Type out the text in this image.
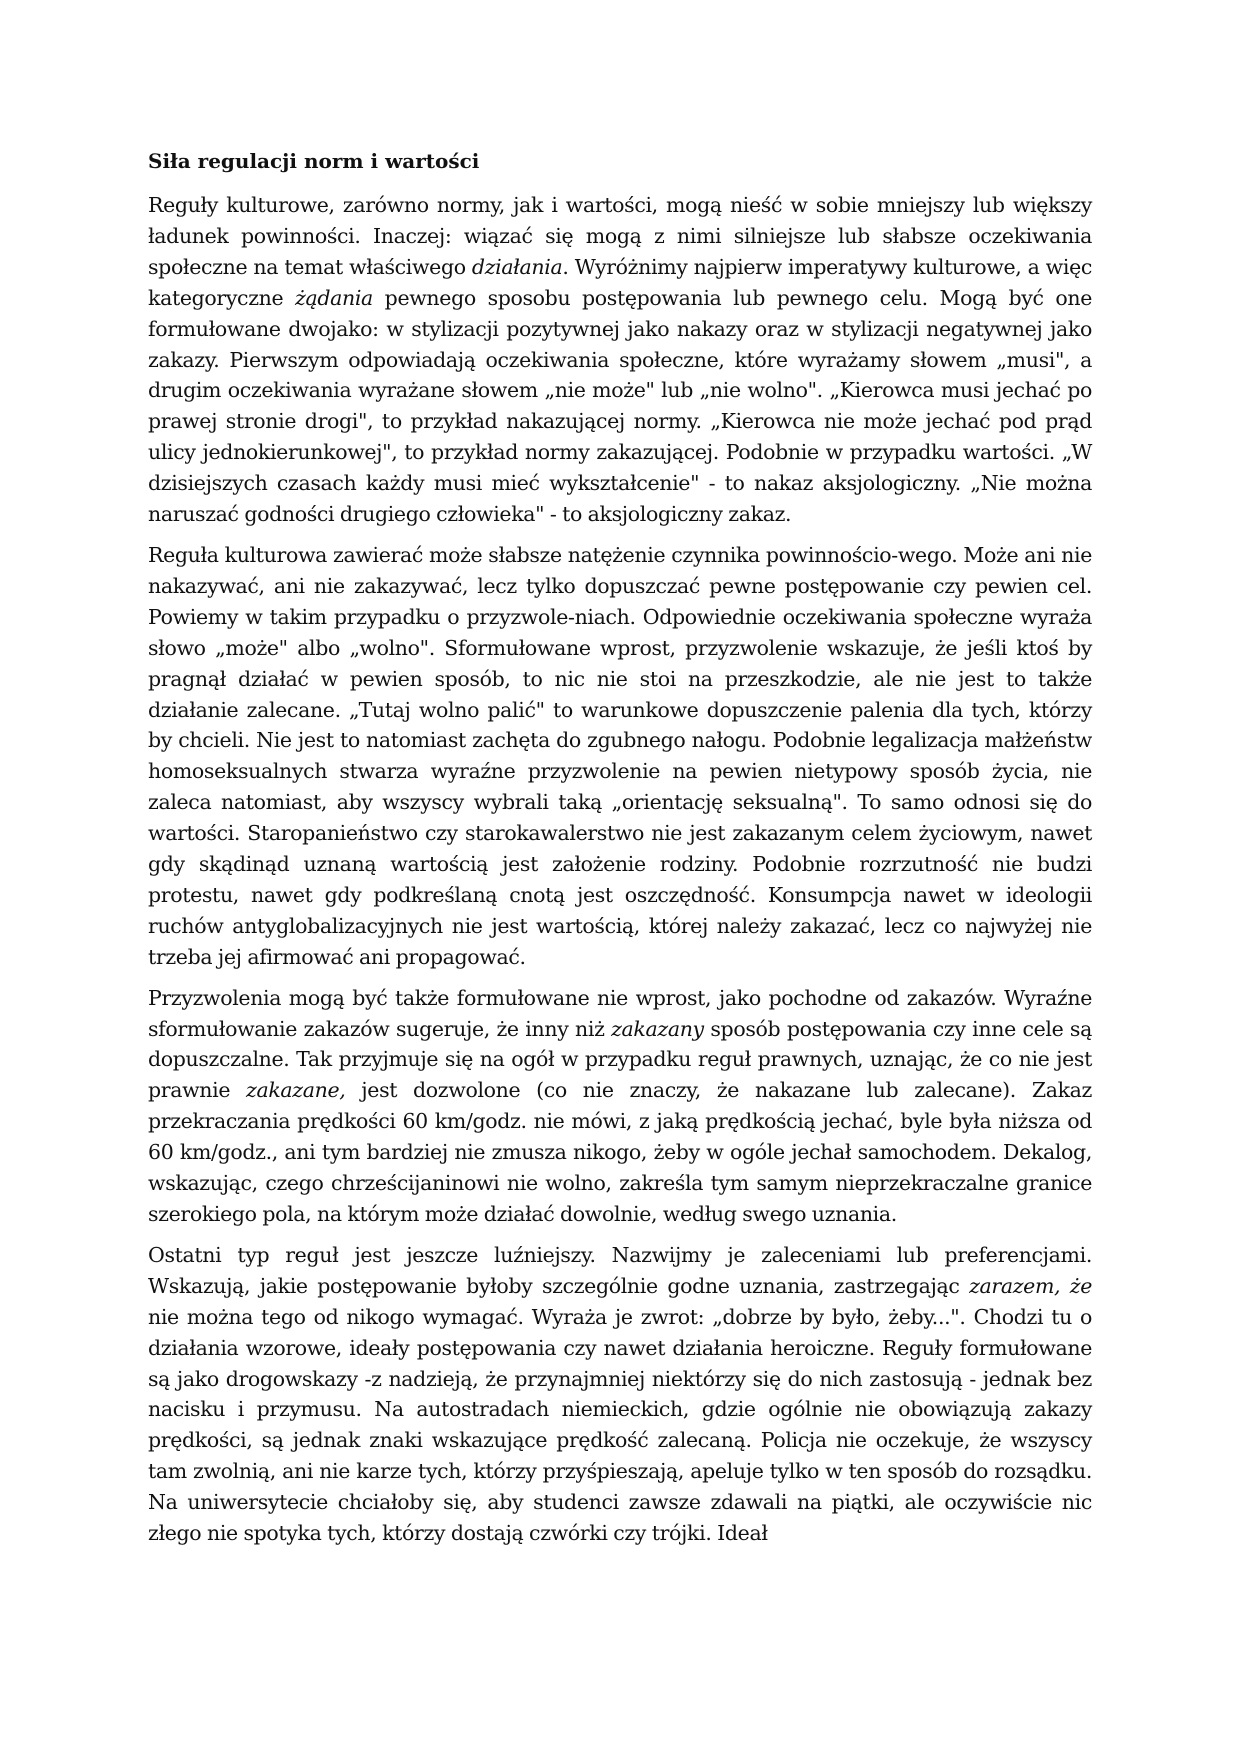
Siła regulacji norm i wartości

Reguły kulturowe, zarówno normy, jak i wartości, mogą nieść w sobie mniejszy lub większy ładunek powinności. Inaczej: wiązać się mogą z nimi silniejsze lub słabsze oczekiwania społeczne na temat właściwego działania. Wyróżnimy najpierw imperatywy kulturowe, a więc kategoryczne żądania pewnego sposobu postępowania lub pewnego celu. Mogą być one formułowane dwojako: w stylizacji pozytywnej jako nakazy oraz w stylizacji negatywnej jako zakazy. Pierwszym odpowiadają oczekiwania społeczne, które wyrażamy słowem „musi", a drugim oczekiwania wyrażane słowem „nie może" lub „nie wolno". „Kierowca musi jechać po prawej stronie drogi", to przykład nakazującej normy. „Kierowca nie może jechać pod prąd ulicy jednokierunkowej", to przykład normy zakazującej. Podobnie w przypadku wartości. „W dzisiejszych czasach każdy musi mieć wykształcenie" - to nakaz aksjologiczny. „Nie można naruszać godności drugiego człowieka" - to aksjologiczny zakaz.

Reguła kulturowa zawierać może słabsze natężenie czynnika powinnościo-wego. Może ani nie nakazywać, ani nie zakazywać, lecz tylko dopuszczać pewne postępowanie czy pewien cel. Powiemy w takim przypadku o przyzwole-niach. Odpowiednie oczekiwania społeczne wyraża słowo „może" albo „wolno". Sformułowane wprost, przyzwolenie wskazuje, że jeśli ktoś by pragnął działać w pewien sposób, to nic nie stoi na przeszkodzie, ale nie jest to także działanie zalecane. „Tutaj wolno palić" to warunkowe dopuszczenie palenia dla tych, którzy by chcieli. Nie jest to natomiast zachęta do zgubnego nałogu. Podobnie legalizacja małżeństw homoseksualnych stwarza wyraźne przyzwolenie na pewien nietypowy sposób życia, nie zaleca natomiast, aby wszyscy wybrali taką „orientację seksualną". To samo odnosi się do wartości. Staropanieństwo czy starokawalerstwo nie jest zakazanym celem życiowym, nawet gdy skądinąd uznaną wartością jest założenie rodziny. Podobnie rozrzutność nie budzi protestu, nawet gdy podkreślaną cnotą jest oszczędność. Konsumpcja nawet w ideologii ruchów antyglobalizacyjnych nie jest wartością, której należy zakazać, lecz co najwyżej nie trzeba jej afirmować ani propagować.

Przyzwolenia mogą być także formułowane nie wprost, jako pochodne od zakazów. Wyraźne sformułowanie zakazów sugeruje, że inny niż zakazany sposób postępowania czy inne cele są dopuszczalne. Tak przyjmuje się na ogół w przypadku reguł prawnych, uznając, że co nie jest prawnie zakazane, jest dozwolone (co nie znaczy, że nakazane lub zalecane). Zakaz przekraczania prędkości 60 km/godz. nie mówi, z jaką prędkością jechać, byle była niższa od 60 km/godz., ani tym bardziej nie zmusza nikogo, żeby w ogóle jechał samochodem. Dekalog, wskazując, czego chrześcijaninowi nie wolno, zakreśla tym samym nieprzekraczalne granice szerokiego pola, na którym może działać dowolnie, według swego uznania.

Ostatni typ reguł jest jeszcze luźniejszy. Nazwijmy je zaleceniami lub preferencjami. Wskazują, jakie postępowanie byłoby szczególnie godne uznania, zastrzegając zarazem, że nie można tego od nikogo wymagać. Wyraża je zwrot: „dobrze by było, żeby...". Chodzi tu o działania wzorowe, ideały postępowania czy nawet działania heroiczne. Reguły formułowane są jako drogowskazy -z nadzieją, że przynajmniej niektórzy się do nich zastosują - jednak bez nacisku i przymusu. Na autostradach niemieckich, gdzie ogólnie nie obowiązują zakazy prędkości, są jednak znaki wskazujące prędkość zalecaną. Policja nie oczekuje, że wszyscy tam zwolnią, ani nie karze tych, którzy przyśpieszają, apeluje tylko w ten sposób do rozsądku. Na uniwersytecie chciałoby się, aby studenci zawsze zdawali na piątki, ale oczywiście nic złego nie spotyka tych, którzy dostają czwórki czy trójki. Ideał
